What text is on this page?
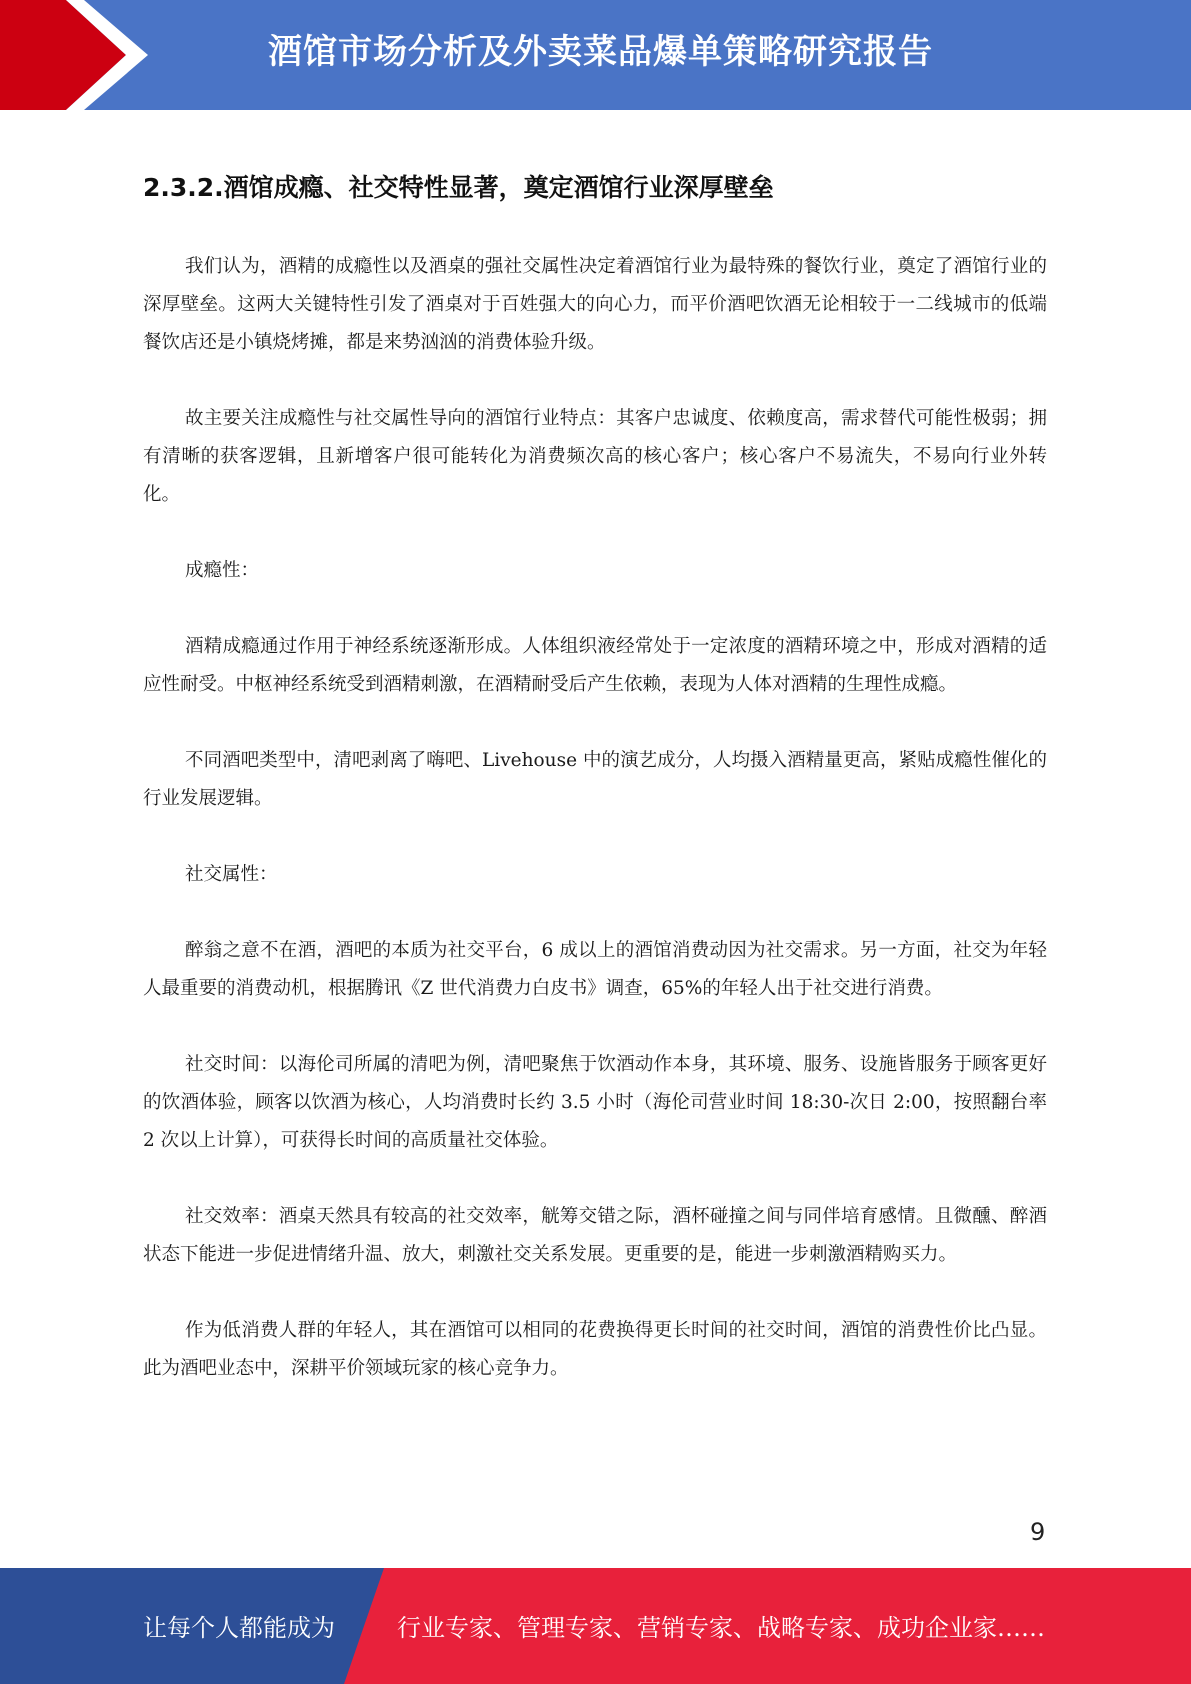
酒馆市场分析及外卖菜品爆单策略研究报告
2.3.2.酒馆成瘾、社交特性显著，奠定酒馆行业深厚壁垒

我们认为，酒精的成瘾性以及酒桌的强社交属性决定着酒馆行业为最特殊的餐饮行业，奠定了酒馆行业的深厚壁垒。这两大关键特性引发了酒桌对于百姓强大的向心力，而平价酒吧饮酒无论相较于一二线城市的低端餐饮店还是小镇烧烤摊，都是来势汹汹的消费体验升级。

故主要关注成瘾性与社交属性导向的酒馆行业特点：其客户忠诚度、依赖度高，需求替代可能性极弱；拥有清晰的获客逻辑，且新增客户很可能转化为消费频次高的核心客户；核心客户不易流失，不易向行业外转化。

成瘾性：

酒精成瘾通过作用于神经系统逐渐形成。人体组织液经常处于一定浓度的酒精环境之中，形成对酒精的适应性耐受。中枢神经系统受到酒精刺激，在酒精耐受后产生依赖，表现为人体对酒精的生理性成瘾。

不同酒吧类型中，清吧剥离了嗨吧、Livehouse 中的演艺成分，人均摄入酒精量更高，紧贴成瘾性催化的行业发展逻辑。

社交属性：

醉翁之意不在酒，酒吧的本质为社交平台，6 成以上的酒馆消费动因为社交需求。另一方面，社交为年轻人最重要的消费动机，根据腾讯《Z 世代消费力白皮书》调查，65%的年轻人出于社交进行消费。

社交时间：以海伦司所属的清吧为例，清吧聚焦于饮酒动作本身，其环境、服务、设施皆服务于顾客更好的饮酒体验，顾客以饮酒为核心，人均消费时长约 3.5 小时（海伦司营业时间 18:30-次日 2:00，按照翻台率 2 次以上计算），可获得长时间的高质量社交体验。

社交效率：酒桌天然具有较高的社交效率，觥筹交错之际，酒杯碰撞之间与同伴培育感情。且微醺、醉酒状态下能进一步促进情绪升温、放大，刺激社交关系发展。更重要的是，能进一步刺激酒精购买力。

作为低消费人群的年轻人，其在酒馆可以相同的花费换得更长时间的社交时间，酒馆的消费性价比凸显。此为酒吧业态中，深耕平价领域玩家的核心竞争力。

9
让每个人都能成为	行业专家、管理专家、营销专家、战略专家、成功企业家……
